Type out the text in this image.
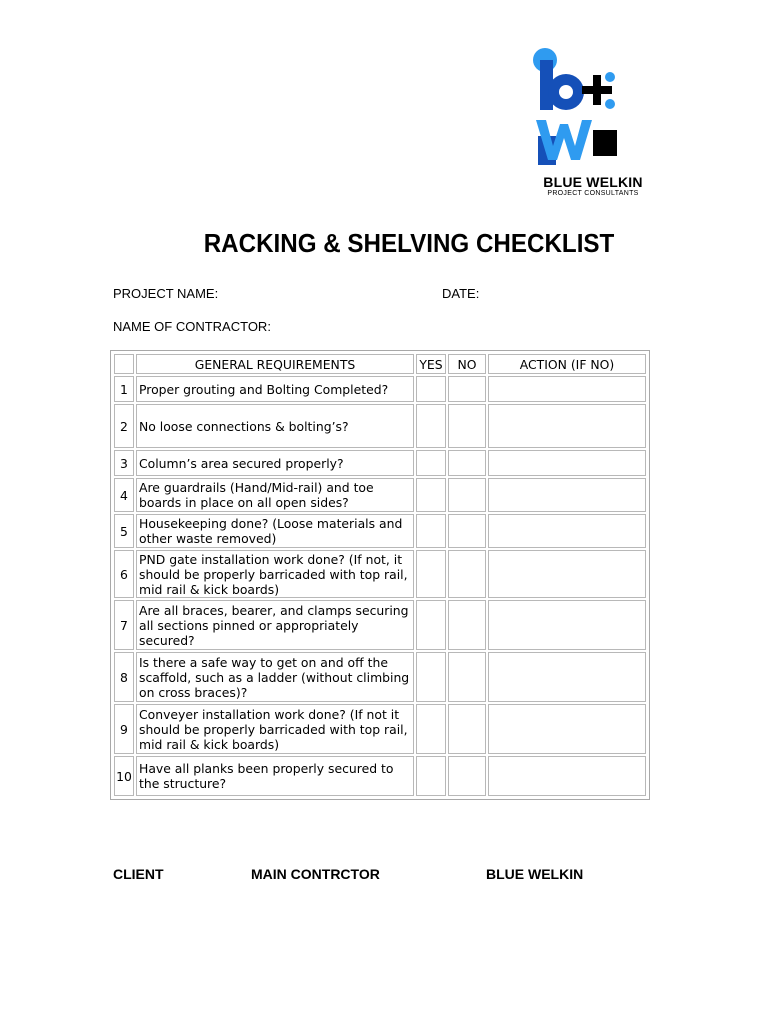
BLUE WELKIN
PROJECT CONSULTANTS
RACKING & SHELVING CHECKLIST
PROJECT NAME:	DATE:
NAME OF CONTRACTOR:
	GENERAL REQUIREMENTS	YES	NO	ACTION (IF NO)
1	Proper grouting and Bolting Completed?			
2	No loose connections & bolting’s?			
3	Column’s area secured properly?			
4	Are guardrails (Hand/Mid-rail) and toe boards in place on all open sides?			
5	Housekeeping done? (Loose materials and other waste removed)			
6	PND gate installation work done? (If not, it should be properly barricaded with top rail, mid rail & kick boards)			
7	Are all braces, bearer, and clamps securing all sections pinned or appropriately secured?			
8	Is there a safe way to get on and off the scaffold, such as a ladder (without climbing on cross braces)?			
9	Conveyer installation work done? (If not it should be properly barricaded with top rail, mid rail & kick boards)			
10	Have all planks been properly secured to the structure?			
CLIENT	MAIN CONTRCTOR	BLUE WELKIN
